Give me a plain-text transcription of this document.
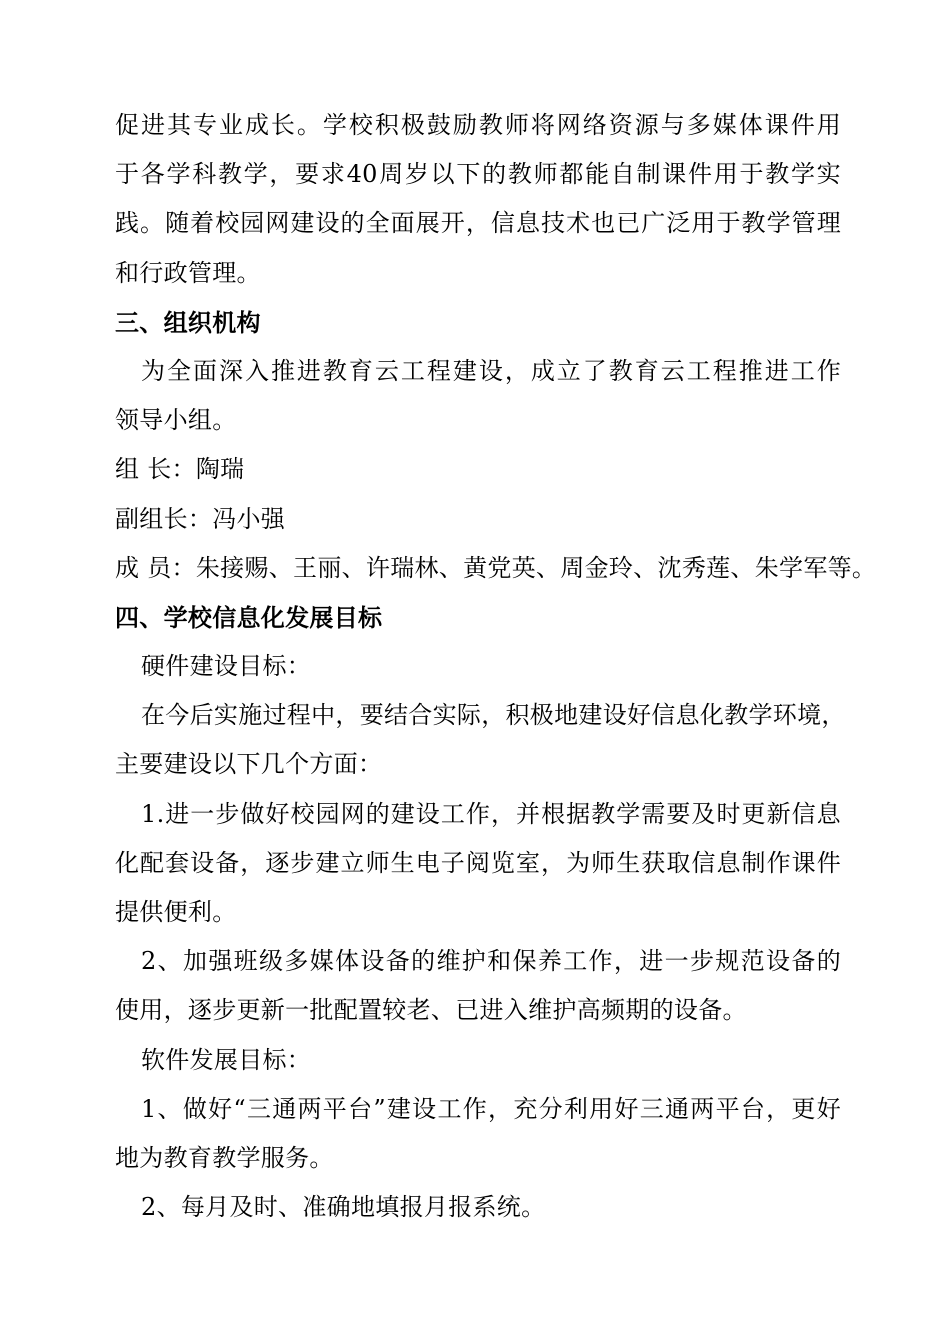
促进其专业成长。学校积极鼓励教师将网络资源与多媒体课件用
于各学科教学，要求40周岁以下的教师都能自制课件用于教学实
践。随着校园网建设的全面展开，信息技术也已广泛用于教学管理
和行政管理。
三、组织机构
为全面深入推进教育云工程建设，成立了教育云工程推进工作
领导小组。
组 长：陶瑞
副组长：冯小强
成 员：朱接赐、王丽、许瑞林、黄党英、周金玲、沈秀莲、朱学军等。
四、学校信息化发展目标
硬件建设目标：
在今后实施过程中，要结合实际，积极地建设好信息化教学环境，
主要建设以下几个方面：
1.进一步做好校园网的建设工作，并根据教学需要及时更新信息
化配套设备，逐步建立师生电子阅览室，为师生获取信息制作课件
提供便利。
2、加强班级多媒体设备的维护和保养工作，进一步规范设备的
使用，逐步更新一批配置较老、已进入维护高频期的设备。
软件发展目标：
1、做好“三通两平台”建设工作，充分利用好三通两平台，更好
地为教育教学服务。
2、每月及时、准确地填报月报系统。
